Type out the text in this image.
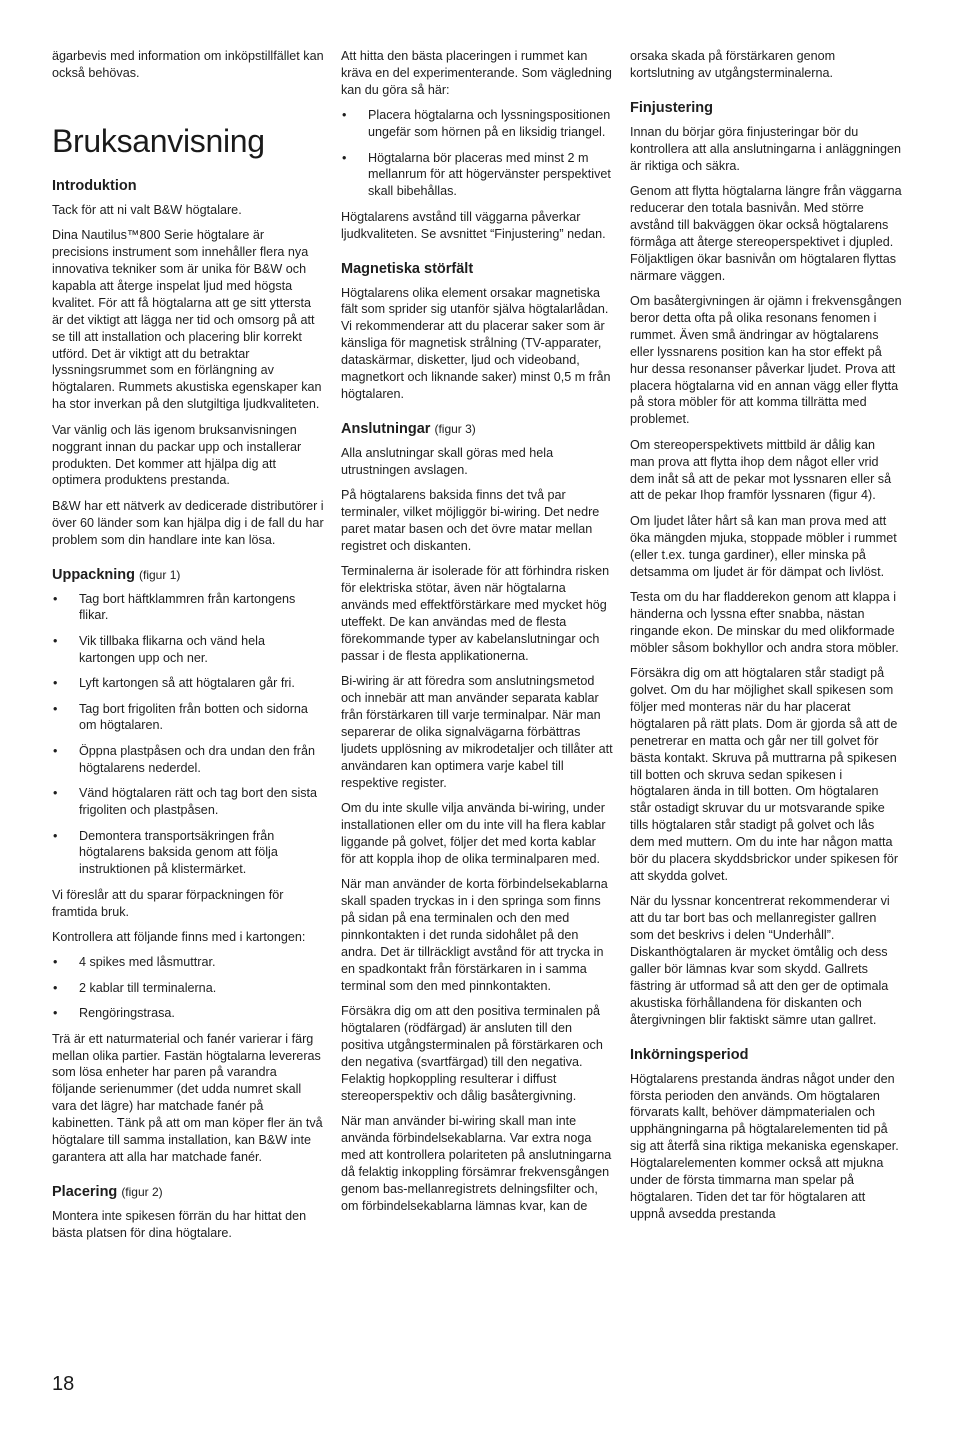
ägarbevis med information om inköpstillfället kan också behövas.

Bruksanvisning
Introduktion

Tack för att ni valt B&W högtalare.

Dina Nautilus™800 Serie högtalare är precisions instrument som innehåller flera nya innovativa tekniker som är unika för B&W och kapabla att återge inspelat ljud med högsta kvalitet. För att få högtalarna att ge sitt yttersta är det viktigt att lägga ner tid och omsorg på att se till att installation och placering blir korrekt utförd. Det är viktigt att du betraktar lyssningsrummet som en förlängning av högtalaren. Rummets akustiska egenskaper kan ha stor inverkan på den slutgiltiga ljudkvaliteten.

Var vänlig och läs igenom bruksanvisningen noggrant innan du packar upp och installerar produkten. Det kommer att hjälpa dig att optimera produktens prestanda.

B&W har ett nätverk av dedicerade distributörer i över 60 länder som kan hjälpa dig i de fall du har problem som din handlare inte kan lösa.

Uppackning (figur 1)
• Tag bort häftklammren från kartongens flikar.
• Vik tillbaka flikarna och vänd hela kartongen upp och ner.
• Lyft kartongen så att högtalaren går fri.
• Tag bort frigoliten från botten och sidorna om högtalaren.
• Öppna plastpåsen och dra undan den från högtalarens nederdel.
• Vänd högtalaren rätt och tag bort den sista frigoliten och plastpåsen.
• Demontera transportsäkringen från högtalarens baksida genom att följa instruktionen på klistermärket.

Vi föreslår att du sparar förpackningen för framtida bruk.

Kontrollera att följande finns med i kartongen:

• 4 spikes med låsmuttrar.
• 2 kablar till terminalerna.
• Rengöringstrasa.

Trä är ett naturmaterial och fanér varierar i färg mellan olika partier. Fastän högtalarna levereras som lösa enheter har paren på varandra följande serienummer (det udda numret skall vara det lägre) har matchade fanér på kabinetten. Tänk på att om man köper fler än två högtalare till samma installation, kan B&W inte garantera att alla har matchade fanér.

Placering (figur 2)

Montera inte spikesen förrän du har hittat den bästa platsen för dina högtalare.

Att hitta den bästa placeringen i rummet kan kräva en del experimenterande. Som vägledning kan du göra så här:

• Placera högtalarna och lyssningspositionen ungefär som hörnen på en liksidig triangel.
• Högtalarna bör placeras med minst 2 m mellanrum för att högervänster perspektivet skall bibehållas.

Högtalarens avstånd till väggarna påverkar ljudkvaliteten. Se avsnittet “Finjustering” nedan.

Magnetiska störfält

Högtalarens olika element orsakar magnetiska fält som sprider sig utanför själva högtalarlådan. Vi rekommenderar att du placerar saker som är känsliga för magnetisk strålning (TV-apparater, dataskärmar, disketter, ljud och videoband, magnetkort och liknande saker) minst 0,5 m från högtalaren.

Anslutningar (figur 3)

Alla anslutningar skall göras med hela utrustningen avslagen.

På högtalarens baksida finns det två par terminaler, vilket möjliggör bi-wiring. Det nedre paret matar basen och det övre matar mellan registret och diskanten.

Terminalerna är isolerade för att förhindra risken för elektriska stötar, även när högtalarna används med effektförstärkare med mycket hög uteffekt. De kan användas med de flesta förekommande typer av kabelanslutningar och passar i de flesta applikationerna.

Bi-wiring är att föredra som anslutningsmetod och innebär att man använder separata kablar från förstärkaren till varje terminalpar. När man separerar de olika signalvägarna förbättras ljudets upplösning av mikrodetaljer och tillåter att användaren kan optimera varje kabel till respektive register.

Om du inte skulle vilja använda bi-wiring, under installationen eller om du inte vill ha flera kablar liggande på golvet, följer det med korta kablar för att koppla ihop de olika terminalparen med.

När man använder de korta förbindelsekablarna skall spaden tryckas in i den springa som finns på sidan på ena terminalen och den med pinnkontakten i det runda sidohålet på den andra. Det är tillräckligt avstånd för att trycka in en spadkontakt från förstärkaren in i samma terminal som den med pinnkontakten.

Försäkra dig om att den positiva terminalen på högtalaren (rödfärgad) är ansluten till den positiva utgångsterminalen på förstärkaren och den negativa (svartfärgad) till den negativa. Felaktig hopkoppling resulterar i diffust stereoperspektiv och dålig basåtergivning.

När man använder bi-wiring skall man inte använda förbindelsekablarna. Var extra noga med att kontrollera polariteten på anslutningarna då felaktig inkoppling försämrar frekvensgången genom bas-mellanregistrets delningsfilter och, om förbindelsekablarna lämnas kvar, kan de

orsaka skada på förstärkaren genom kortslutning av utgångsterminalerna.

Finjustering

Innan du börjar göra finjusteringar bör du kontrollera att alla anslutningarna i anläggningen är riktiga och säkra.

Genom att flytta högtalarna längre från väggarna reducerar den totala basnivån. Med större avstånd till bakväggen ökar också högtalarens förmåga att återge stereoperspektivet i djupled. Följaktligen ökar basnivån om högtalaren flyttas närmare väggen.

Om basåtergivningen är ojämn i frekvensgången beror detta ofta på olika resonans fenomen i rummet. Även små ändringar av högtalarens eller lyssnarens position kan ha stor effekt på hur dessa resonanser påverkar ljudet. Prova att placera högtalarna vid en annan vägg eller flytta på stora möbler för att komma tillrätta med problemet.

Om stereoperspektivets mittbild är dålig kan man prova att flytta ihop dem något eller vrid dem inåt så att de pekar mot lyssnaren eller så att de pekar Ihop framför lyssnaren (figur 4).

Om ljudet låter hårt så kan man prova med att öka mängden mjuka, stoppade möbler i rummet (eller t.ex. tunga gardiner), eller minska på detsamma om ljudet är för dämpat och livlöst.

Testa om du har fladderekon genom att klappa i händerna och lyssna efter snabba, nästan ringande ekon. De minskar du med olikformade möbler såsom bokhyllor och andra stora möbler.

Försäkra dig om att högtalaren står stadigt på golvet. Om du har möjlighet skall spikesen som följer med monteras när du har placerat högtalaren på rätt plats. Dom är gjorda så att de penetrerar en matta och går ner till golvet för bästa kontakt. Skruva på muttrarna på spikesen till botten och skruva sedan spikesen i högtalaren ända in till botten. Om högtalaren står ostadigt skruvar du ur motsvarande spike tills högtalaren står stadigt på golvet och lås dem med muttern. Om du inte har någon matta bör du placera skyddsbrickor under spikesen för att skydda golvet.

När du lyssnar koncentrerat rekommenderar vi att du tar bort bas och mellanregister gallren som det beskrivs i delen “Underhåll”. Diskanthögtalaren är mycket ömtålig och dess galler bör lämnas kvar som skydd. Gallrets fästring är utformad så att den ger de optimala akustiska förhållandena för diskanten och återgivningen blir faktiskt sämre utan gallret.

Inkörningsperiod

Högtalarens prestanda ändras något under den första perioden den används. Om högtalaren förvarats kallt, behöver dämpmaterialen och upphängningarna på högtalarelementen tid på sig att återfå sina riktiga mekaniska egenskaper. Högtalarelementen kommer också att mjukna under de första timmarna man spelar på högtalaren. Tiden det tar för högtalaren att uppnå avsedda prestanda

18
